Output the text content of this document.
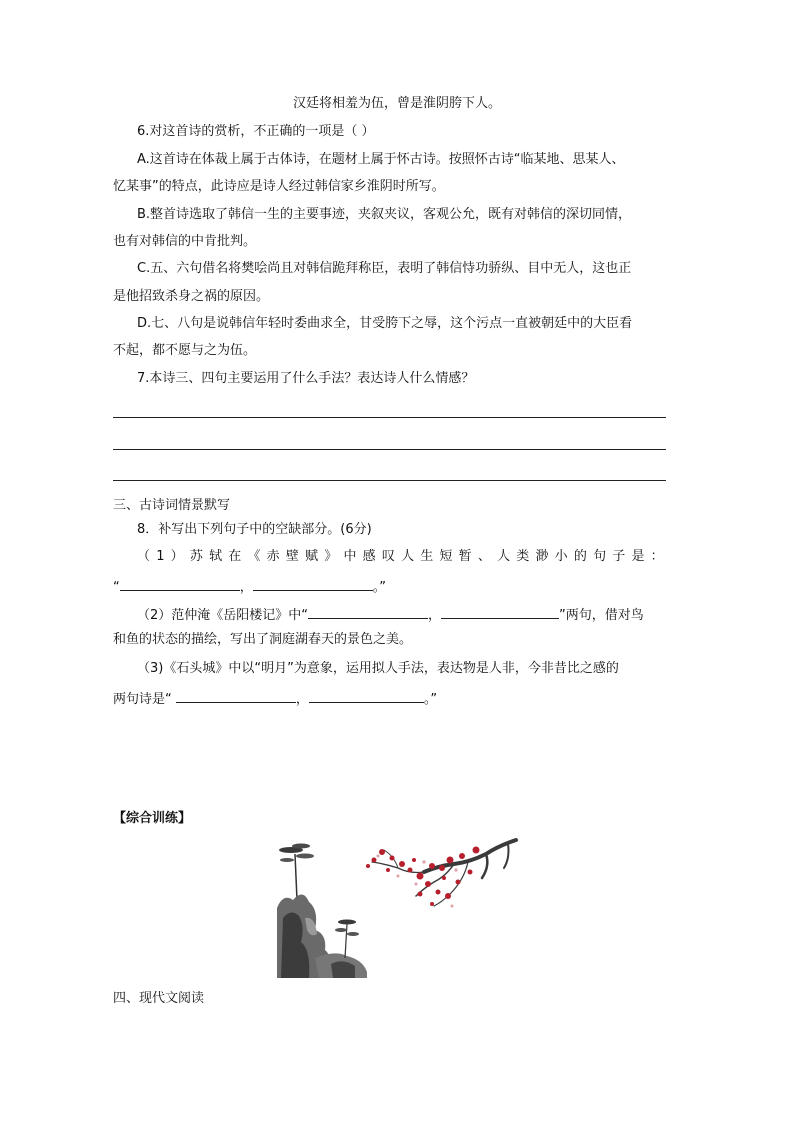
汉廷将相羞为伍，曾是淮阴胯下人。
6.对这首诗的赏析，不正确的一项是（ ）
A.这首诗在体裁上属于古体诗，在题材上属于怀古诗。按照怀古诗“临某地、思某人、
忆某事”的特点，此诗应是诗人经过韩信家乡淮阴时所写。
B.整首诗选取了韩信一生的主要事迹，夹叙夹议，客观公允，既有对韩信的深切同情，
也有对韩信的中肯批判。
C.五、六句借名将樊哙尚且对韩信跪拜称臣，表明了韩信恃功骄纵、目中无人，这也正
是他招致杀身之祸的原因。
D.七、八句是说韩信年轻时委曲求全，甘受胯下之辱，这个污点一直被朝廷中的大臣看
不起，都不愿与之为伍。
7.本诗三、四句主要运用了什么手法？表达诗人什么情感？
三、古诗词情景默写
8．补写出下列句子中的空缺部分。(6分)
（1）苏轼在《赤壁赋》中感叹人生短暂、人类渺小的句子是：
“	，	。”
（2）范仲淹《岳阳楼记》中“	，	”两句，借对鸟
和鱼的状态的描绘，写出了洞庭湖春天的景色之美。
（3)《石头城》中以“明月”为意象，运用拟人手法，表达物是人非，今非昔比之感的
两句诗是“	，	。”
【综合训练】
四、现代文阅读
